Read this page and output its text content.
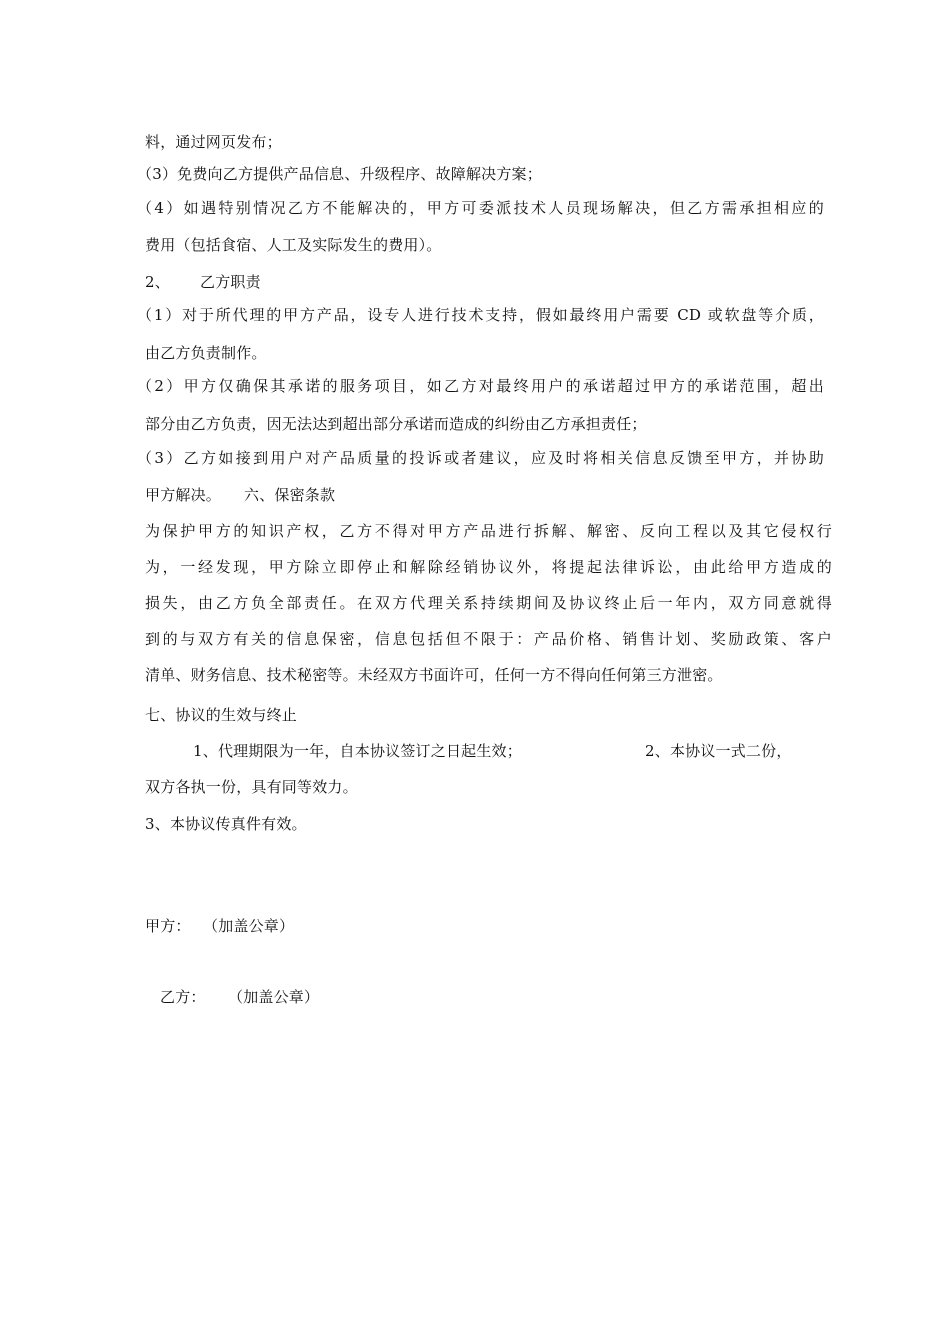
料，通过网页发布；
（3）免费向乙方提供产品信息、升级程序、故障解决方案；
（4）如遇特别情况乙方不能解决的，甲方可委派技术人员现场解决，但乙方需承担相应的
费用（包括食宿、人工及实际发生的费用）。
2、 乙方职责
（1）对于所代理的甲方产品，设专人进行技术支持，假如最终用户需要 CD 或软盘等介质，
由乙方负责制作。
（2）甲方仅确保其承诺的服务项目，如乙方对最终用户的承诺超过甲方的承诺范围，超出
部分由乙方负责，因无法达到超出部分承诺而造成的纠纷由乙方承担责任；
（3）乙方如接到用户对产品质量的投诉或者建议，应及时将相关信息反馈至甲方，并协助
甲方解决。 六、保密条款
为保护甲方的知识产权，乙方不得对甲方产品进行拆解、解密、反向工程以及其它侵权行
为，一经发现，甲方除立即停止和解除经销协议外，将提起法律诉讼，由此给甲方造成的
损失，由乙方负全部责任。在双方代理关系持续期间及协议终止后一年内，双方同意就得
到的与双方有关的信息保密，信息包括但不限于：产品价格、销售计划、奖励政策、客户
清单、财务信息、技术秘密等。未经双方书面许可，任何一方不得向任何第三方泄密。
七、协议的生效与终止
1、代理期限为一年，自本协议签订之日起生效；	2、本协议一式二份，
双方各执一份，具有同等效力。
3、本协议传真件有效。
甲方： （加盖公章）
乙方： （加盖公章）
